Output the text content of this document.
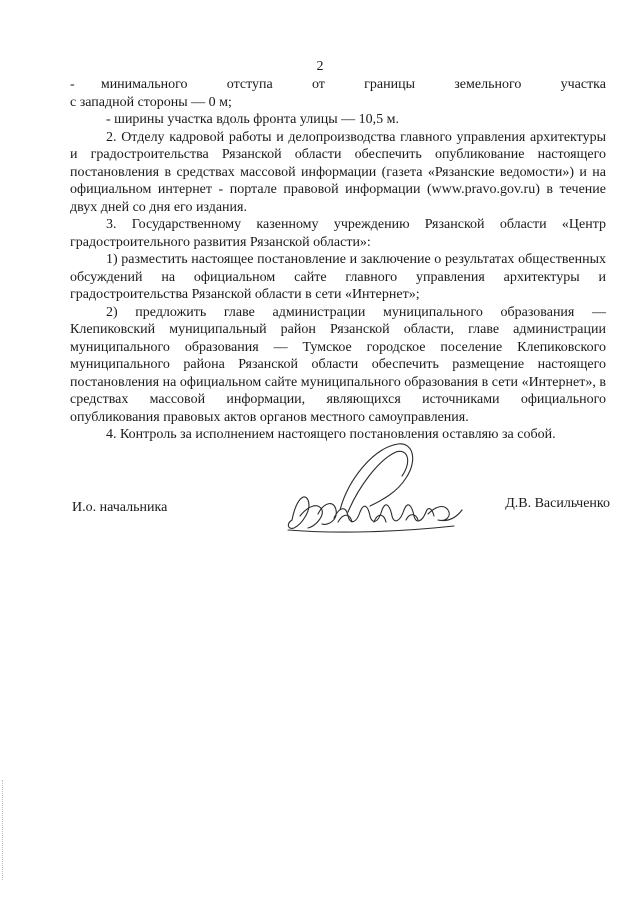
2

-    минимального      отступа      от      границы      земельного      участка

с западной стороны — 0 м;

- ширины участка вдоль фронта улицы — 10,5 м.

2. Отделу кадровой работы и делопроизводства главного управления архитектуры и градостроительства Рязанской области обеспечить опубликование настоящего постановления в средствах массовой информации (газета «Рязанские ведомости») и на официальном интернет - портале правовой информации (www.pravo.gov.ru) в течение двух дней со дня его издания.

3. Государственному казенному учреждению Рязанской области «Центр градостроительного развития Рязанской области»:

1) разместить настоящее постановление и заключение о результатах общественных обсуждений на официальном сайте главного управления архитектуры и градостроительства Рязанской области в сети «Интернет»;

2) предложить главе администрации муниципального образования — Клепиковский муниципальный район Рязанской области, главе администрации муниципального образования — Тумское городское поселение Клепиковского муниципального района Рязанской области обеспечить размещение настоящего постановления на официальном сайте муниципального образования в сети «Интернет», в средствах массовой информации, являющихся источниками официального опубликования правовых актов органов местного самоуправления.

4. Контроль за исполнением настоящего постановления оставляю за собой.

И.о. начальника	Д.В. Васильченко
